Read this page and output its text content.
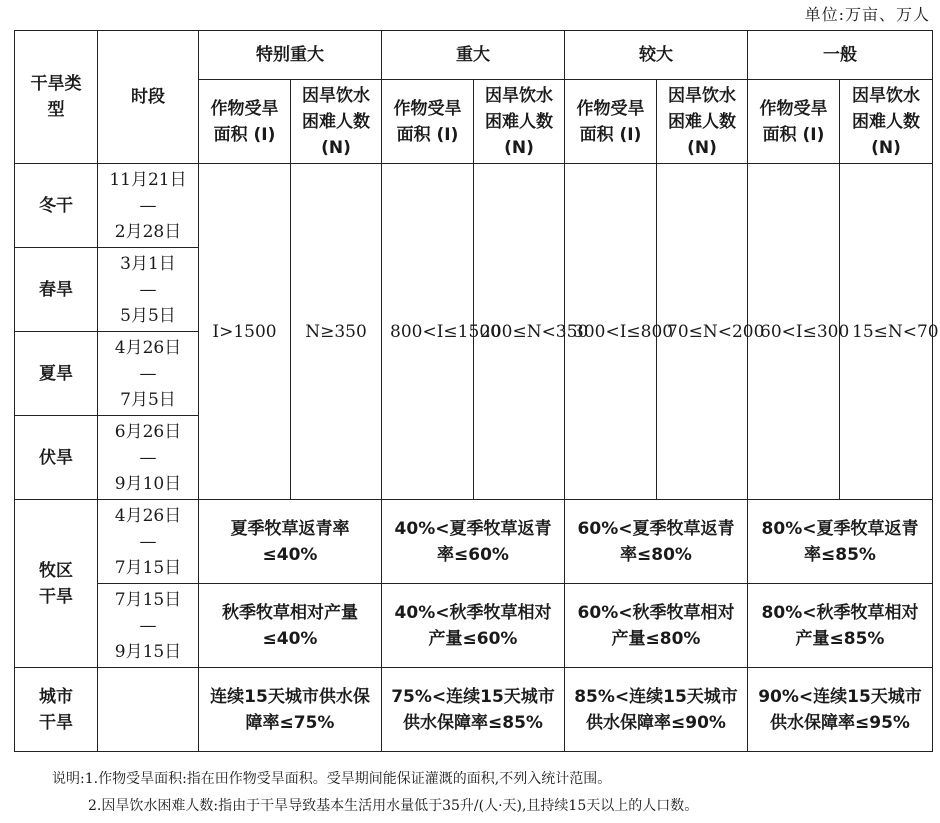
单位:万亩、万人
干旱类型	时段	特别重大		重大		较大		一般	
		作物受旱面积 (I)	因旱饮水困难人数 (N)	作物受旱面积 (I)	因旱饮水困难人数 (N)	作物受旱面积 (I)	因旱饮水困难人数 (N)	作物受旱面积 (I)	因旱饮水困难人数 (N)
冬干	11月21日
—
2月28日	I>1500	N≥350	800<I≤1500	200≤N<350	300<I≤800	70≤N<200	60<I≤300	15≤N<70
春旱	3月1日
—
5月5日								

夏旱	4月26日
—
7月5日								

伏旱	6月26日
—
9月10日								

牧区干旱	4月26日
—
7月15日	夏季牧草返青率≤40%		40%<夏季牧草返青率≤60%		60%<夏季牧草返青率≤80%		80%<夏季牧草返青率≤85%	

	7月15日
—
9月15日	秋季牧草相对产量≤40%		40%<秋季牧草相对产量≤60%		60%<秋季牧草相对产量≤80%		80%<秋季牧草相对产量≤85%	
城市干旱		连续15天城市供水保障率≤75%		75%<连续15天城市供水保障率≤85%		85%<连续15天城市供水保障率≤90%		90%<连续15天城市供水保障率≤95%	
说明:1.作物受旱面积:指在田作物受旱面积。受旱期间能保证灌溉的面积,不列入统计范围。
2.因旱饮水困难人数:指由于干旱导致基本生活用水量低于35升/(人·天),且持续15天以上的人口数。
